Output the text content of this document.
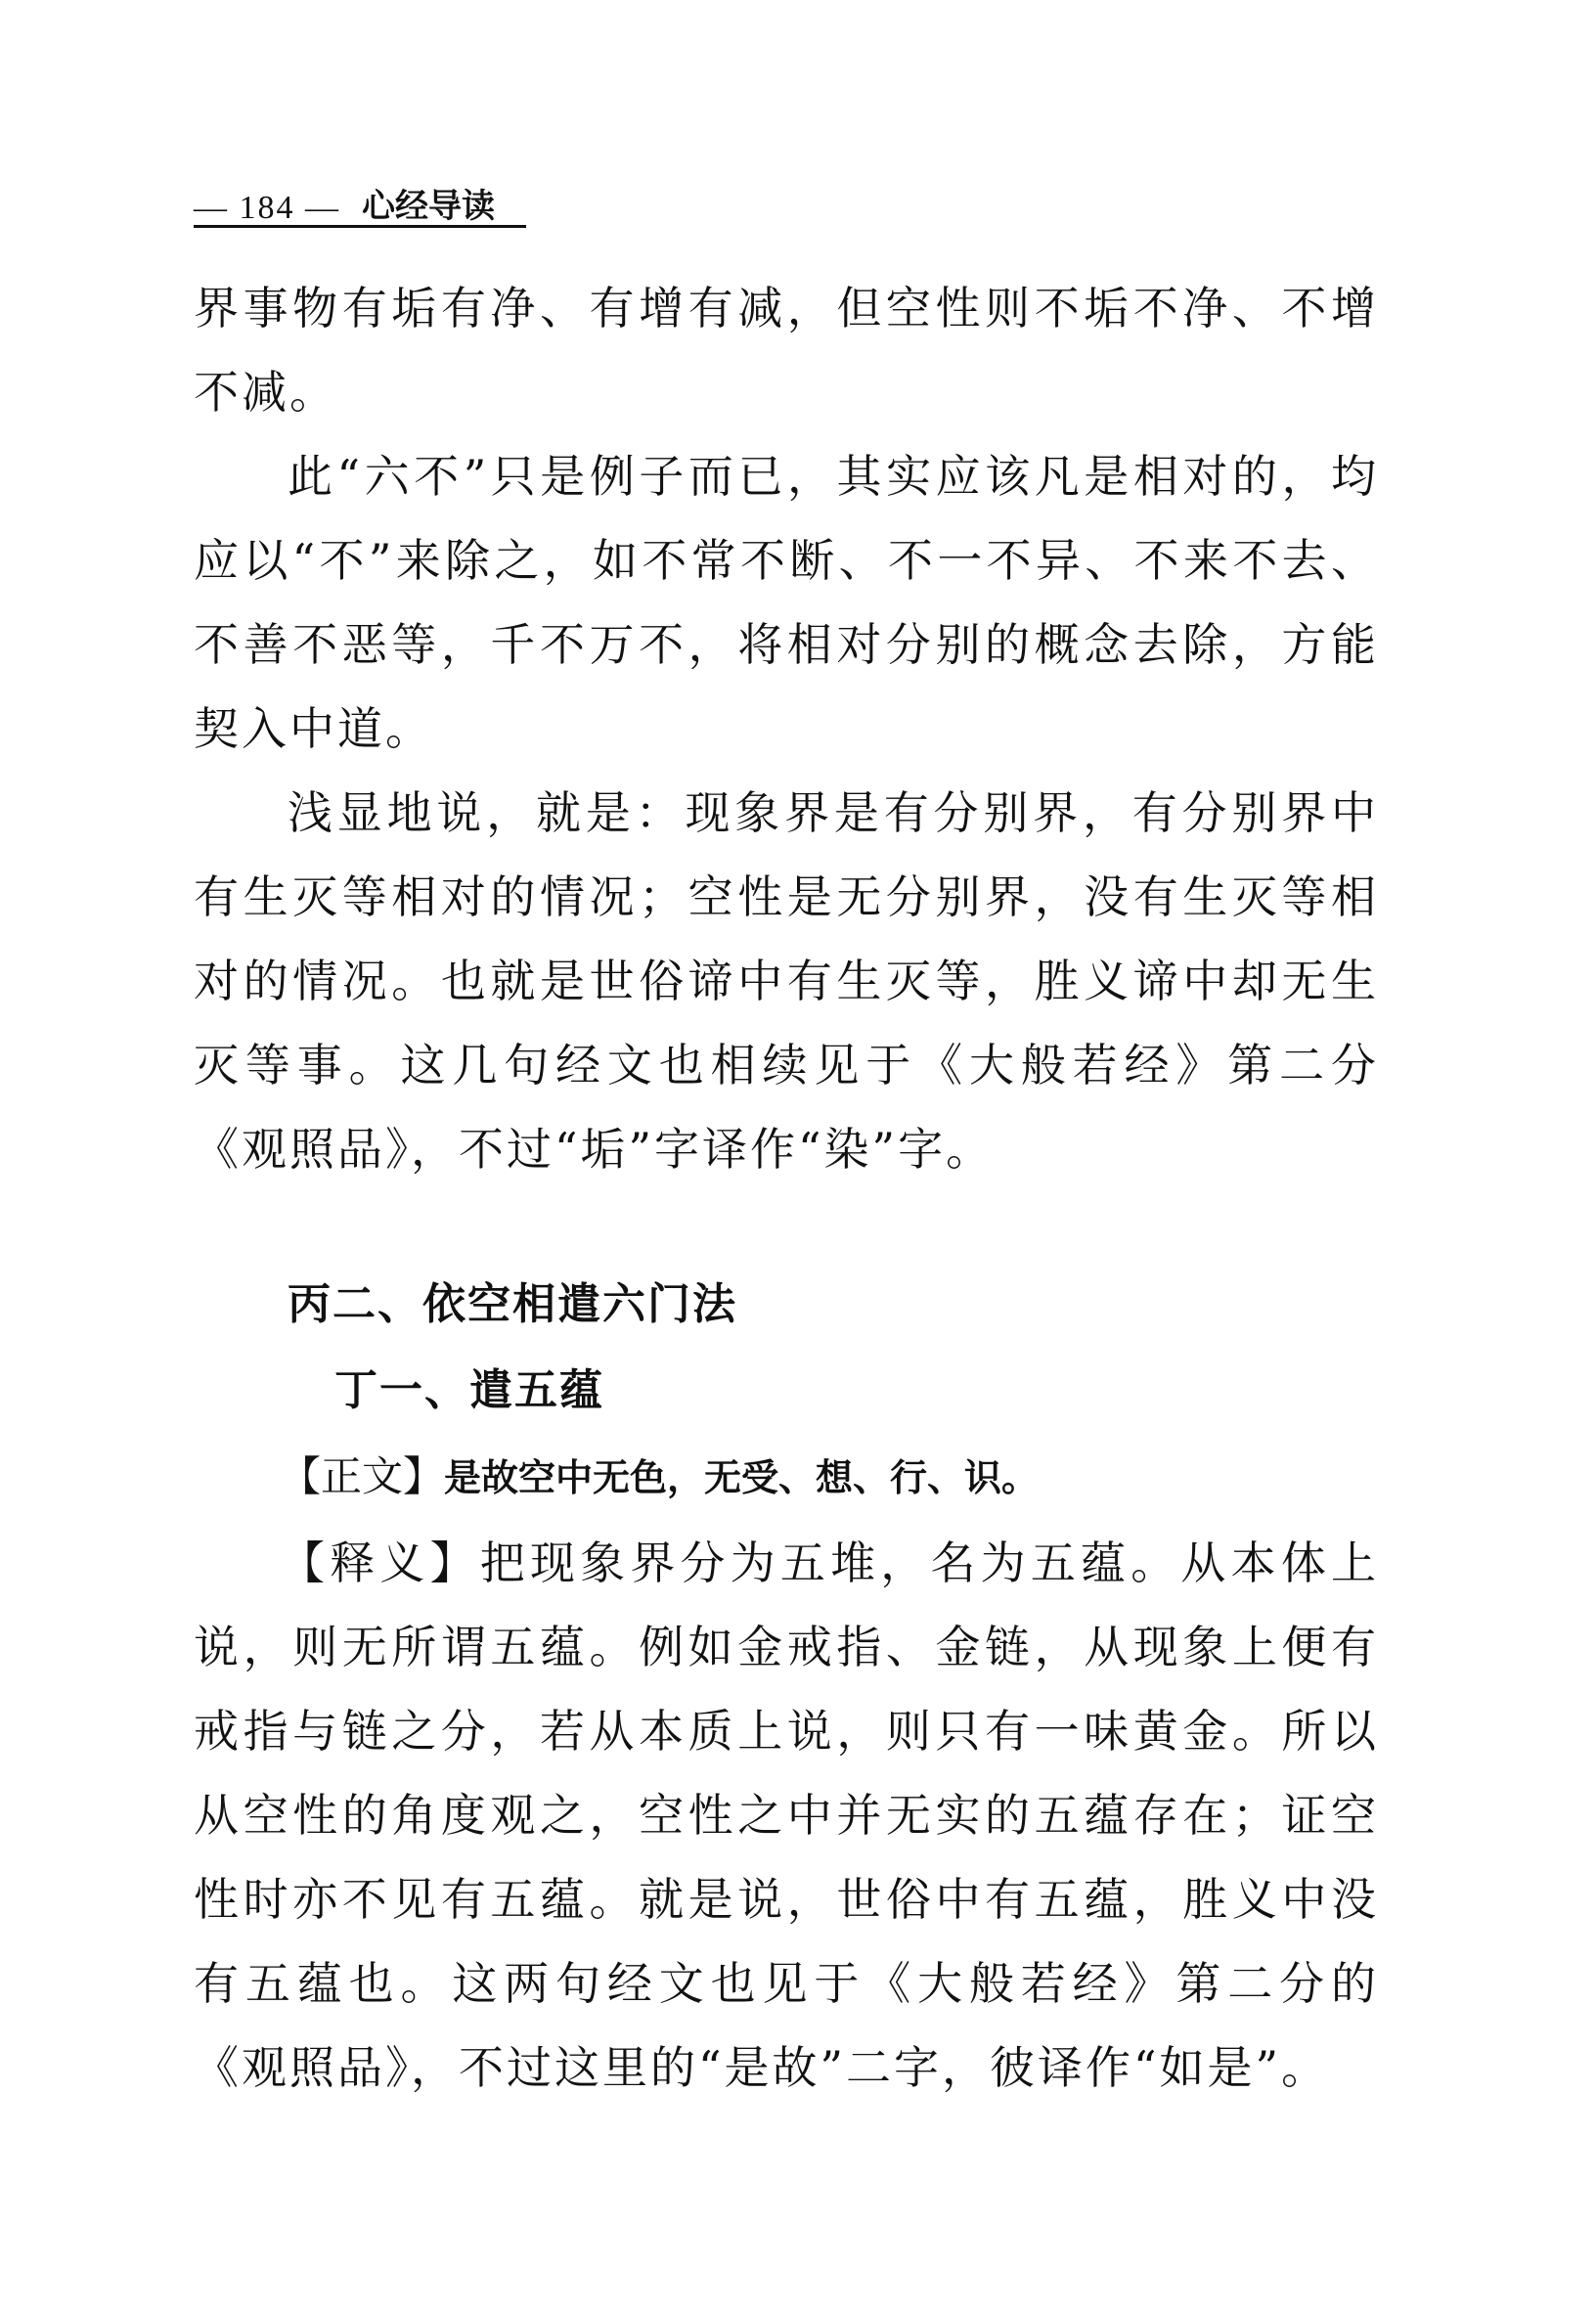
— 184 — 心经导读

界事物有垢有净、有增有减，但空性则不垢不净、不增不减。

此“六不”只是例子而已，其实应该凡是相对的，均应以“不”来除之，如不常不断、不一不异、不来不去、不善不恶等，千不万不，将相对分别的概念去除，方能契入中道。

浅显地说，就是：现象界是有分别界，有分别界中有生灭等相对的情况；空性是无分别界，没有生灭等相对的情况。也就是世俗谛中有生灭等，胜义谛中却无生灭等事。这几句经文也相续见于《大般若经》第二分《观照品》，不过“垢”字译作“染”字。

丙二、依空相遣六门法

丁一、遣五蕴

【正文】是故空中无色，无受、想、行、识。

【释义】把现象界分为五堆，名为五蕴。从本体上说，则无所谓五蕴。例如金戒指、金链，从现象上便有戒指与链之分，若从本质上说，则只有一味黄金。所以从空性的角度观之，空性之中并无实的五蕴存在；证空性时亦不见有五蕴。就是说，世俗中有五蕴，胜义中没有五蕴也。这两句经文也见于《大般若经》第二分的《观照品》，不过这里的“是故”二字，彼译作“如是”。
